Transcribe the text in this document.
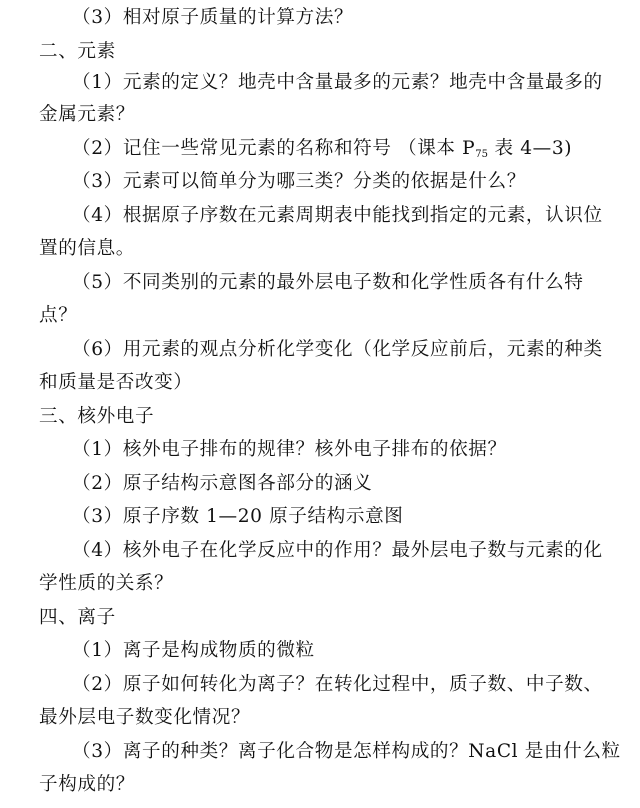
（3）相对原子质量的计算方法？
二、元素
（1）元素的定义？地壳中含量最多的元素？地壳中含量最多的
金属元素？
（2）记住一些常见元素的名称和符号 （课本 $P_{75}$ 表 4—3)
（3）元素可以简单分为哪三类？分类的依据是什么？
（4）根据原子序数在元素周期表中能找到指定的元素，认识位
置的信息。
（5）不同类别的元素的最外层电子数和化学性质各有什么特
点？
（6）用元素的观点分析化学变化（化学反应前后，元素的种类
和质量是否改变）
三、核外电子
（1）核外电子排布的规律？核外电子排布的依据？
（2）原子结构示意图各部分的涵义
（3）原子序数 1—20 原子结构示意图
（4）核外电子在化学反应中的作用？最外层电子数与元素的化
学性质的关系？
四、离子
（1）离子是构成物质的微粒
（2）原子如何转化为离子？在转化过程中，质子数、中子数、
最外层电子数变化情况？
（3）离子的种类？离子化合物是怎样构成的？NaCl 是由什么粒
子构成的？
